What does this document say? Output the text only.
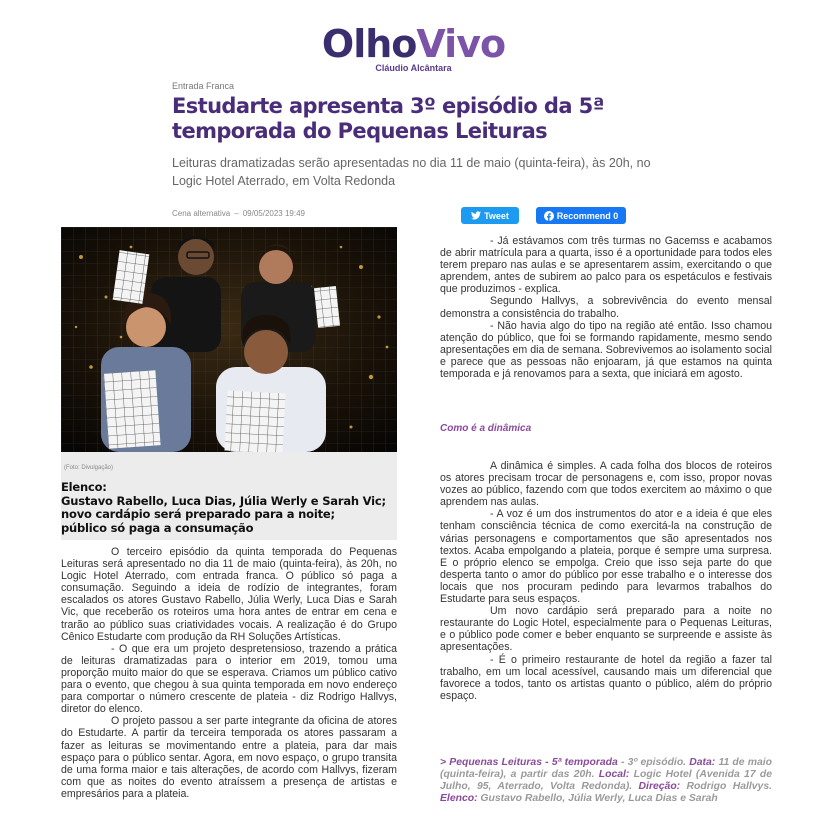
OlhoVivo
Cláudio Alcântara
Entrada Franca
Estudarte apresenta 3º episódio da 5ª temporada do Pequenas Leituras
Leituras dramatizadas serão apresentadas no dia 11 de maio (quinta-feira), às 20h, no Logic Hotel Aterrado, em Volta Redonda
Cena alternativa – 09/05/2023 19:49	Tweet	Recommend 0
(Foto: Divulgação)
Elenco:
Gustavo Rabello, Luca Dias, Júlia Werly e Sarah Vic;
novo cardápio será preparado para a noite;
público só paga a consumação

O terceiro episódio da quinta temporada do Pequenas Leituras será apresentado no dia 11 de maio (quinta-feira), às 20h, no Logic Hotel Aterrado, com entrada franca. O público só paga a consumação. Seguindo a ideia de rodízio de integrantes, foram escalados os atores Gustavo Rabello, Júlia Werly, Luca Dias e Sarah Vic, que receberão os roteiros uma hora antes de entrar em cena e trarão ao público suas criatividades vocais. A realização é do Grupo Cênico Estudarte com produção da RH Soluções Artísticas.

- O que era um projeto despretensioso, trazendo a prática de leituras dramatizadas para o interior em 2019, tomou uma proporção muito maior do que se esperava. Criamos um público cativo para o evento, que chegou à sua quinta temporada em novo endereço para comportar o número crescente de plateia - diz Rodrigo Hallvys, diretor do elenco.

O projeto passou a ser parte integrante da oficina de atores do Estudarte. A partir da terceira temporada os atores passaram a fazer as leituras se movimentando entre a plateia, para dar mais espaço para o público sentar. Agora, em novo espaço, o grupo transita de uma forma maior e tais alterações, de acordo com Hallvys, fizeram com que as noites do evento atraíssem a presença de artistas e empresários para a plateia.

- Já estávamos com três turmas no Gacemss e acabamos de abrir matrícula para a quarta, isso é a oportunidade para todos eles terem preparo nas aulas e se apresentarem assim, exercitando o que aprendem, antes de subirem ao palco para os espetáculos e festivais que produzimos - explica.

Segundo Hallvys, a sobrevivência do evento mensal demonstra a consistência do trabalho.

- Não havia algo do tipo na região até então. Isso chamou atenção do público, que foi se formando rapidamente, mesmo sendo apresentações em dia de semana. Sobrevivemos ao isolamento social e parece que as pessoas não enjoaram, já que estamos na quinta temporada e já renovamos para a sexta, que iniciará em agosto.

Como é a dinâmica

A dinâmica é simples. A cada folha dos blocos de roteiros os atores precisam trocar de personagens e, com isso, propor novas vozes ao público, fazendo com que todos exercitem ao máximo o que aprendem nas aulas.

- A voz é um dos instrumentos do ator e a ideia é que eles tenham consciência técnica de como exercitá-la na construção de várias personagens e comportamentos que são apresentados nos textos. Acaba empolgando a plateia, porque é sempre uma surpresa. E o próprio elenco se empolga. Creio que isso seja parte do que desperta tanto o amor do público por esse trabalho e o interesse dos locais que nos procuram pedindo para levarmos trabalhos do Estudarte para seus espaços.

Um novo cardápio será preparado para a noite no restaurante do Logic Hotel, especialmente para o Pequenas Leituras, e o público pode comer e beber enquanto se surpreende e assiste às apresentações.

- É o primeiro restaurante de hotel da região a fazer tal trabalho, em um local acessível, causando mais um diferencial que favorece a todos, tanto os artistas quanto o público, além do próprio espaço.

> Pequenas Leituras - 5ª temporada - 3º episódio. Data: 11 de maio (quinta-feira), a partir das 20h. Local: Logic Hotel (Avenida 17 de Julho, 95, Aterrado, Volta Redonda). Direção: Rodrigo Hallvys. Elenco: Gustavo Rabello, Júlia Werly, Luca Dias e Sarah
